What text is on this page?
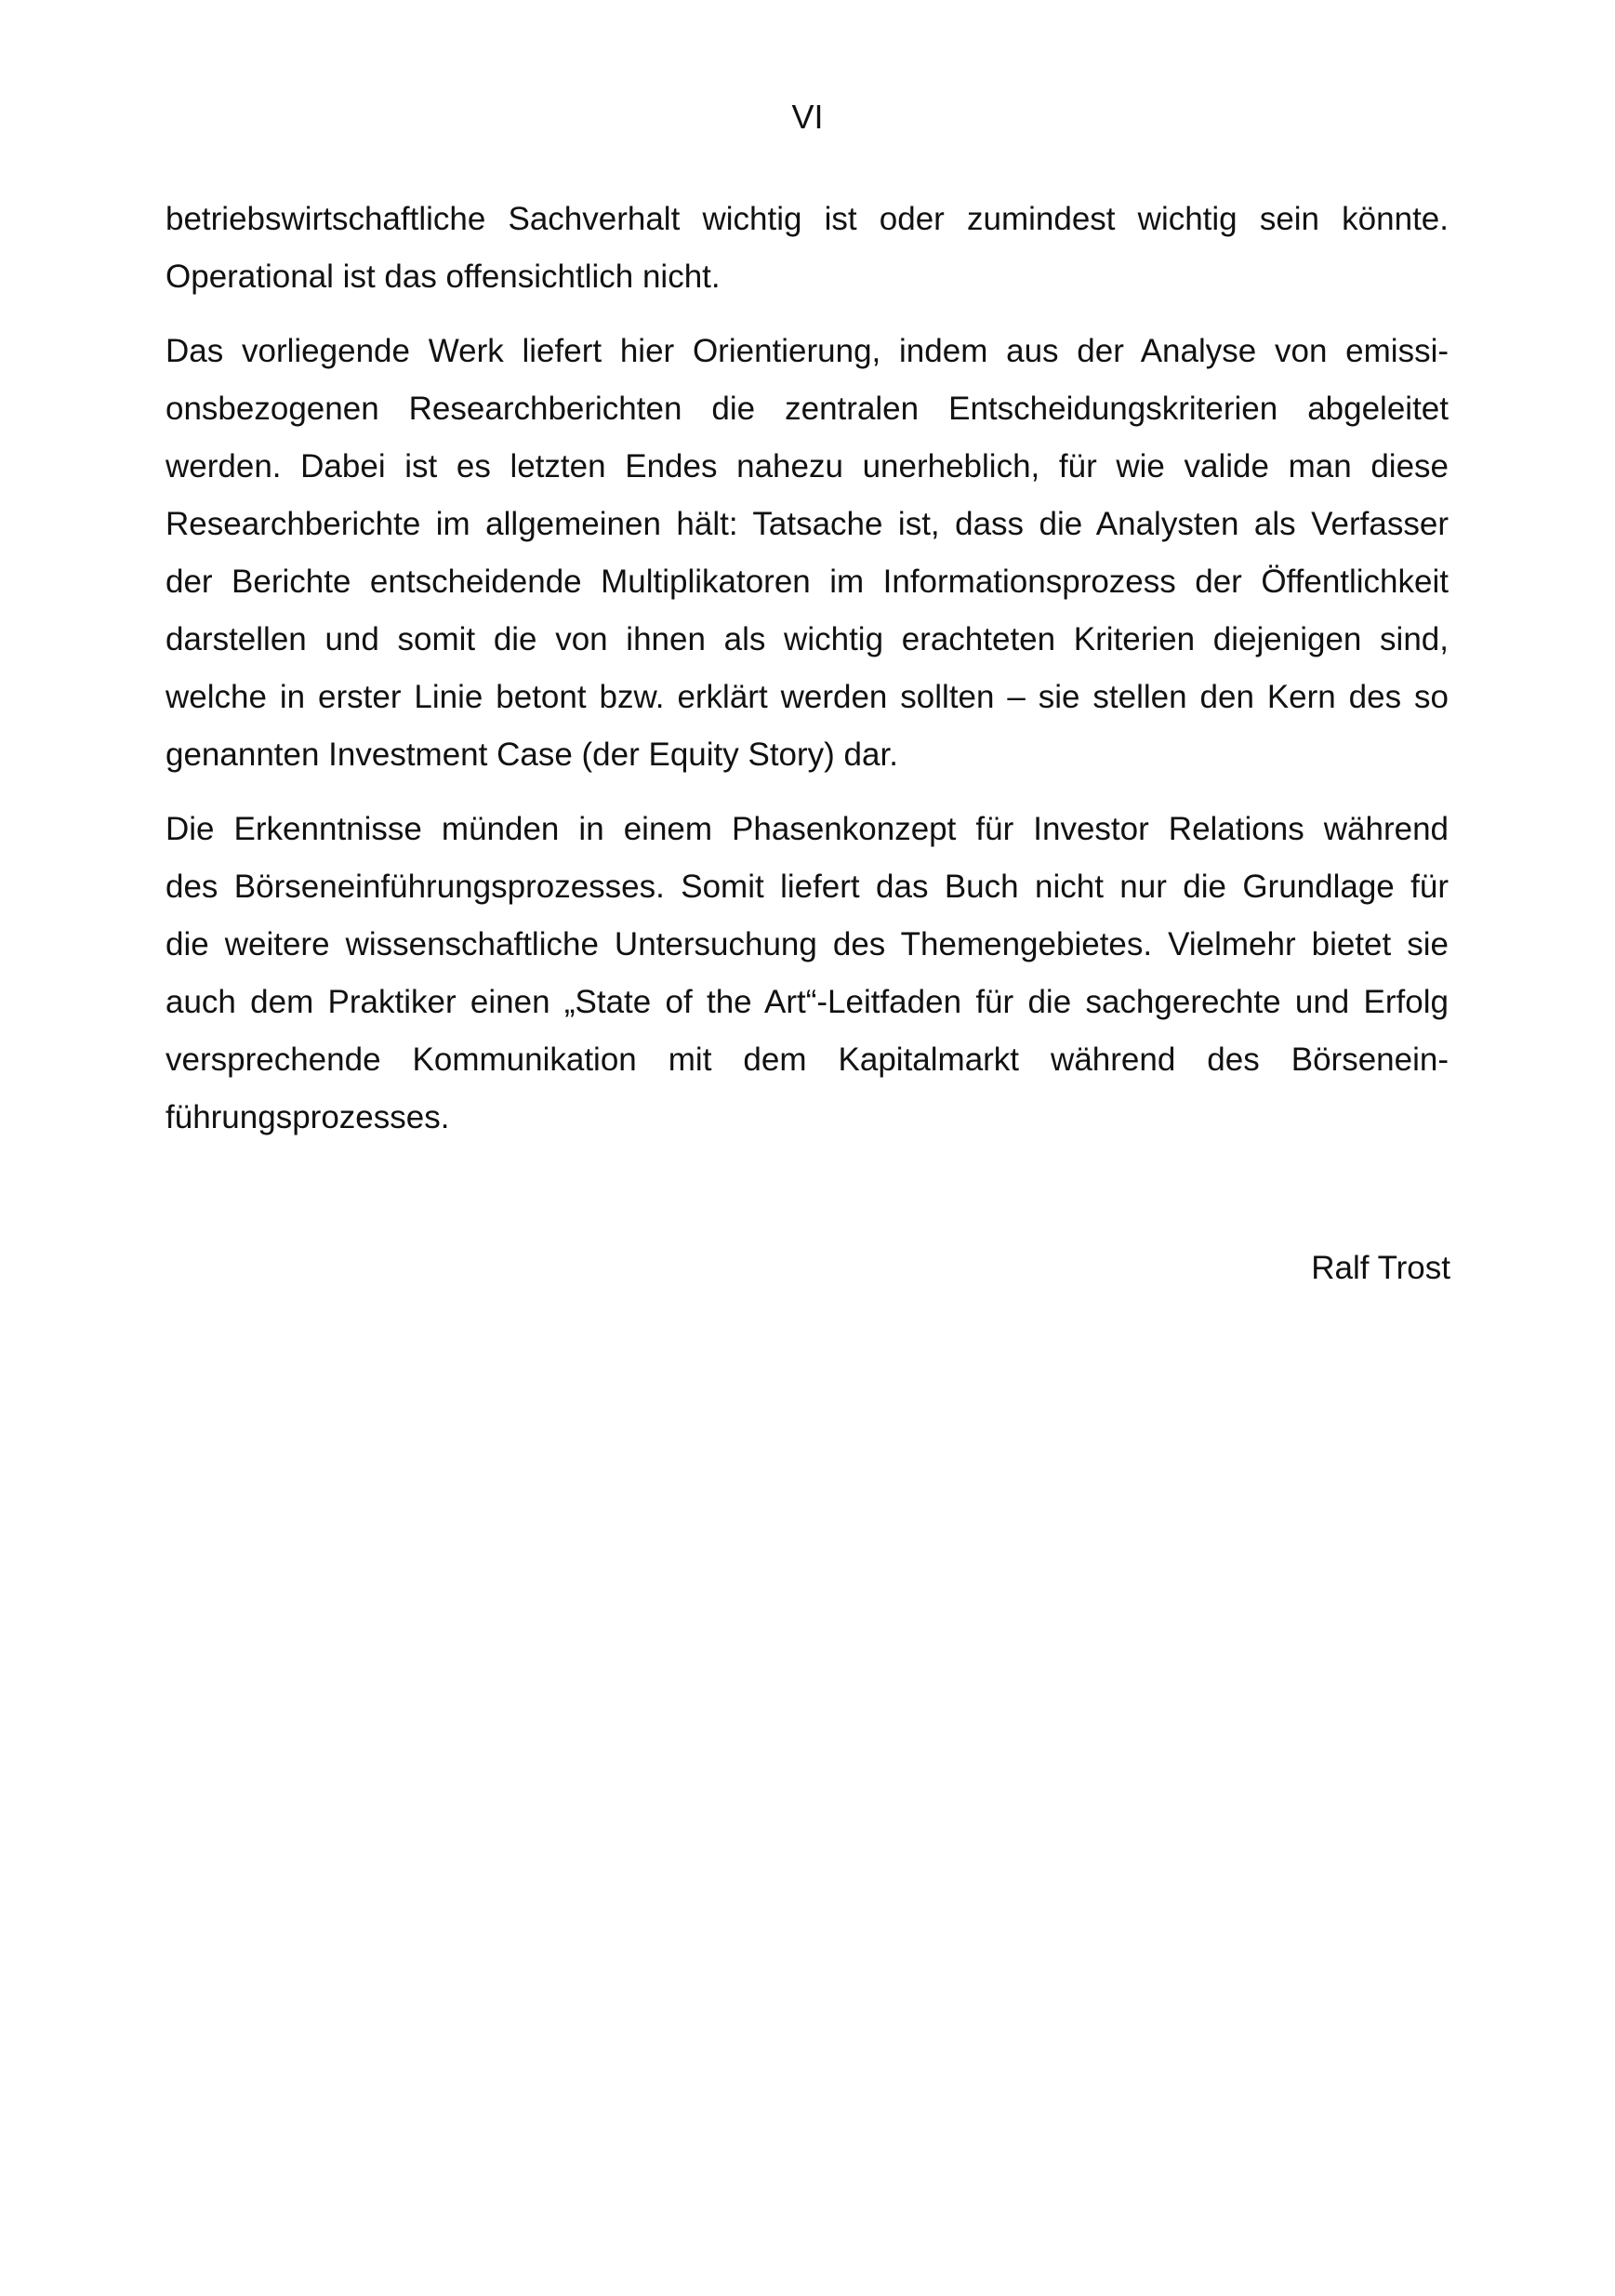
VI
betriebswirtschaftliche Sachverhalt wichtig ist oder zumindest wichtig sein könnte.
Operational ist das offensichtlich nicht.
Das vorliegende Werk liefert hier Orientierung, indem aus der Analyse von emissi-
onsbezogenen Researchberichten die zentralen Entscheidungskriterien abgeleitet
werden. Dabei ist es letzten Endes nahezu unerheblich, für wie valide man diese
Researchberichte im allgemeinen hält: Tatsache ist, dass die Analysten als Verfasser
der Berichte entscheidende Multiplikatoren im Informationsprozess der Öffentlichkeit
darstellen und somit die von ihnen als wichtig erachteten Kriterien diejenigen sind,
welche in erster Linie betont bzw. erklärt werden sollten – sie stellen den Kern des so
genannten Investment Case (der Equity Story) dar.
Die Erkenntnisse münden in einem Phasenkonzept für Investor Relations während
des Börseneinführungsprozesses. Somit liefert das Buch nicht nur die Grundlage für
die weitere wissenschaftliche Untersuchung des Themengebietes. Vielmehr bietet sie
auch dem Praktiker einen „State of the Art“-Leitfaden für die sachgerechte und Erfolg
versprechende Kommunikation mit dem Kapitalmarkt während des Börsenein-
führungsprozesses.
Ralf Trost
